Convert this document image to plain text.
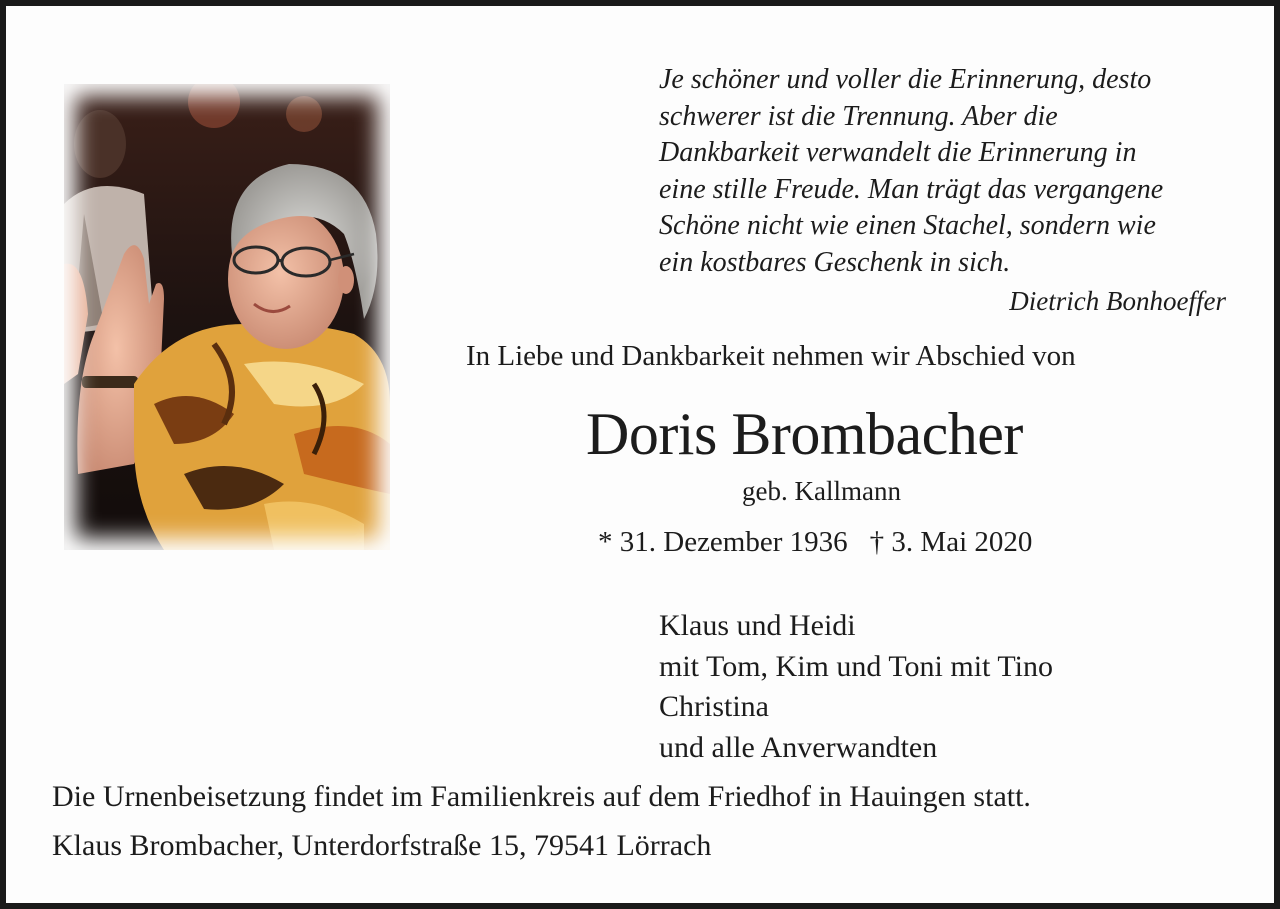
Je schöner und voller die Erinnerung, desto
schwerer ist die Trennung. Aber die
Dankbarkeit verwandelt die Erinnerung in
eine stille Freude. Man trägt das vergangene
Schöne nicht wie einen Stachel, sondern wie
ein kostbares Geschenk in sich.
Dietrich Bonhoeffer
In Liebe und Dankbarkeit nehmen wir Abschied von
Doris Brombacher
geb. Kallmann
* 31. Dezember 1936 † 3. Mai 2020
Klaus und Heidi
mit Tom, Kim und Toni mit Tino
Christina
und alle Anverwandten
Die Urnenbeisetzung findet im Familienkreis auf dem Friedhof in Hauingen statt.
Klaus Brombacher, Unterdorfstraße 15, 79541 Lörrach
